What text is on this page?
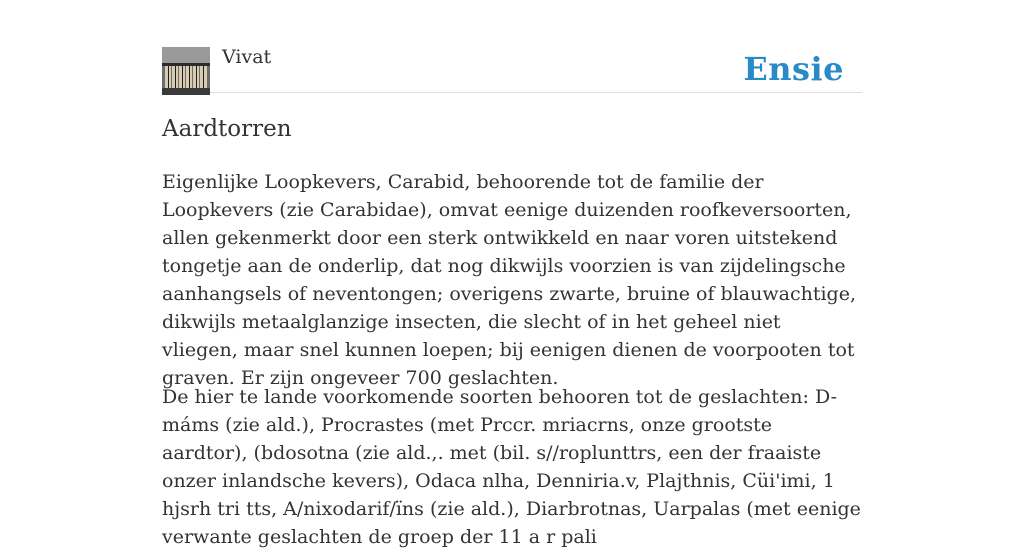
Vivat	Ensie
Aardtorren

Eigenlijke Loopkevers, Carabid, behoorende tot de familie der Loopkevers (zie Carabidae), omvat eenige duizenden roofkeversoorten, allen gekenmerkt door een sterk ontwikkeld en naar voren uitstekend tongetje aan de onderlip, dat nog dikwijls voorzien is van zijdelingsche aanhangsels of neventongen; overigens zwarte, bruine of blauwachtige, dikwijls metaalglanzige insecten, die slecht of in het geheel niet vliegen, maar snel kunnen loepen; bij eenigen dienen de voorpooten tot graven. Er zijn ongeveer 700 geslachten.

De hier te lande voorkomende soorten behooren tot de geslachten: D-máms (zie ald.), Procrastes (met Prccr. mriacrns, onze grootste aardtor), (bdosotna (zie ald.,. met (bil. s//roplunttrs, een der fraaiste onzer inlandsche kevers), Odaca nlha, Denniria.v, Plajthnis, Cüi'imi, 1 hjsrh tri tts, A/nixodarif/ïns (zie ald.), Diarbrotnas, Uarpalas (met eenige verwante geslachten de groep der 11 a r pali
